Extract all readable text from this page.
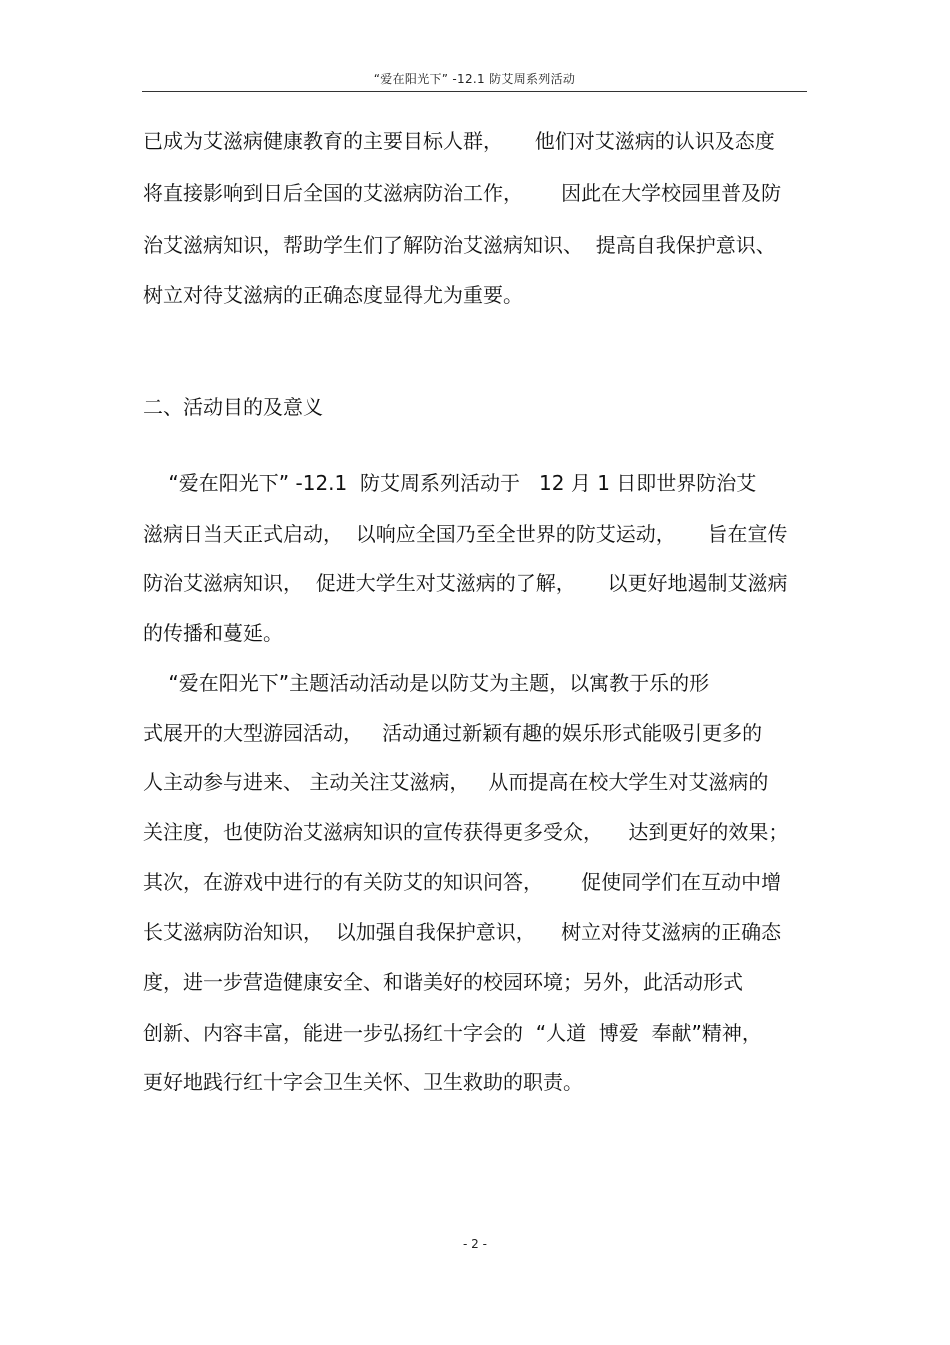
“爱在阳光下” -12.1 防艾周系列活动
已成为艾滋病健康教育的主要目标人群，     他们对艾滋病的认识及态度
将直接影响到日后全国的艾滋病防治工作，      因此在大学校园里普及防
治艾滋病知识，帮助学生们了解防治艾滋病知识、  提高自我保护意识、
树立对待艾滋病的正确态度显得尤为重要。
二、活动目的及意义
“爱在阳光下” -12.1  防艾周系列活动于   12 月 1 日即世界防治艾
滋病日当天正式启动，  以响应全国乃至全世界的防艾运动，     旨在宣传
防治艾滋病知识，  促进大学生对艾滋病的了解，     以更好地遏制艾滋病
的传播和蔓延。
“爱在阳光下”主题活动活动是以防艾为主题，以寓教于乐的形
式展开的大型游园活动，   活动通过新颖有趣的娱乐形式能吸引更多的
人主动参与进来、 主动关注艾滋病，   从而提高在校大学生对艾滋病的
关注度，也使防治艾滋病知识的宣传获得更多受众，    达到更好的效果；
其次，在游戏中进行的有关防艾的知识问答，      促使同学们在互动中增
长艾滋病防治知识，  以加强自我保护意识，    树立对待艾滋病的正确态
度，进一步营造健康安全、和谐美好的校园环境；另外，此活动形式
创新、内容丰富，能进一步弘扬红十字会的  “人道  博爱  奉献”精神，
更好地践行红十字会卫生关怀、卫生救助的职责。
- 2 -
